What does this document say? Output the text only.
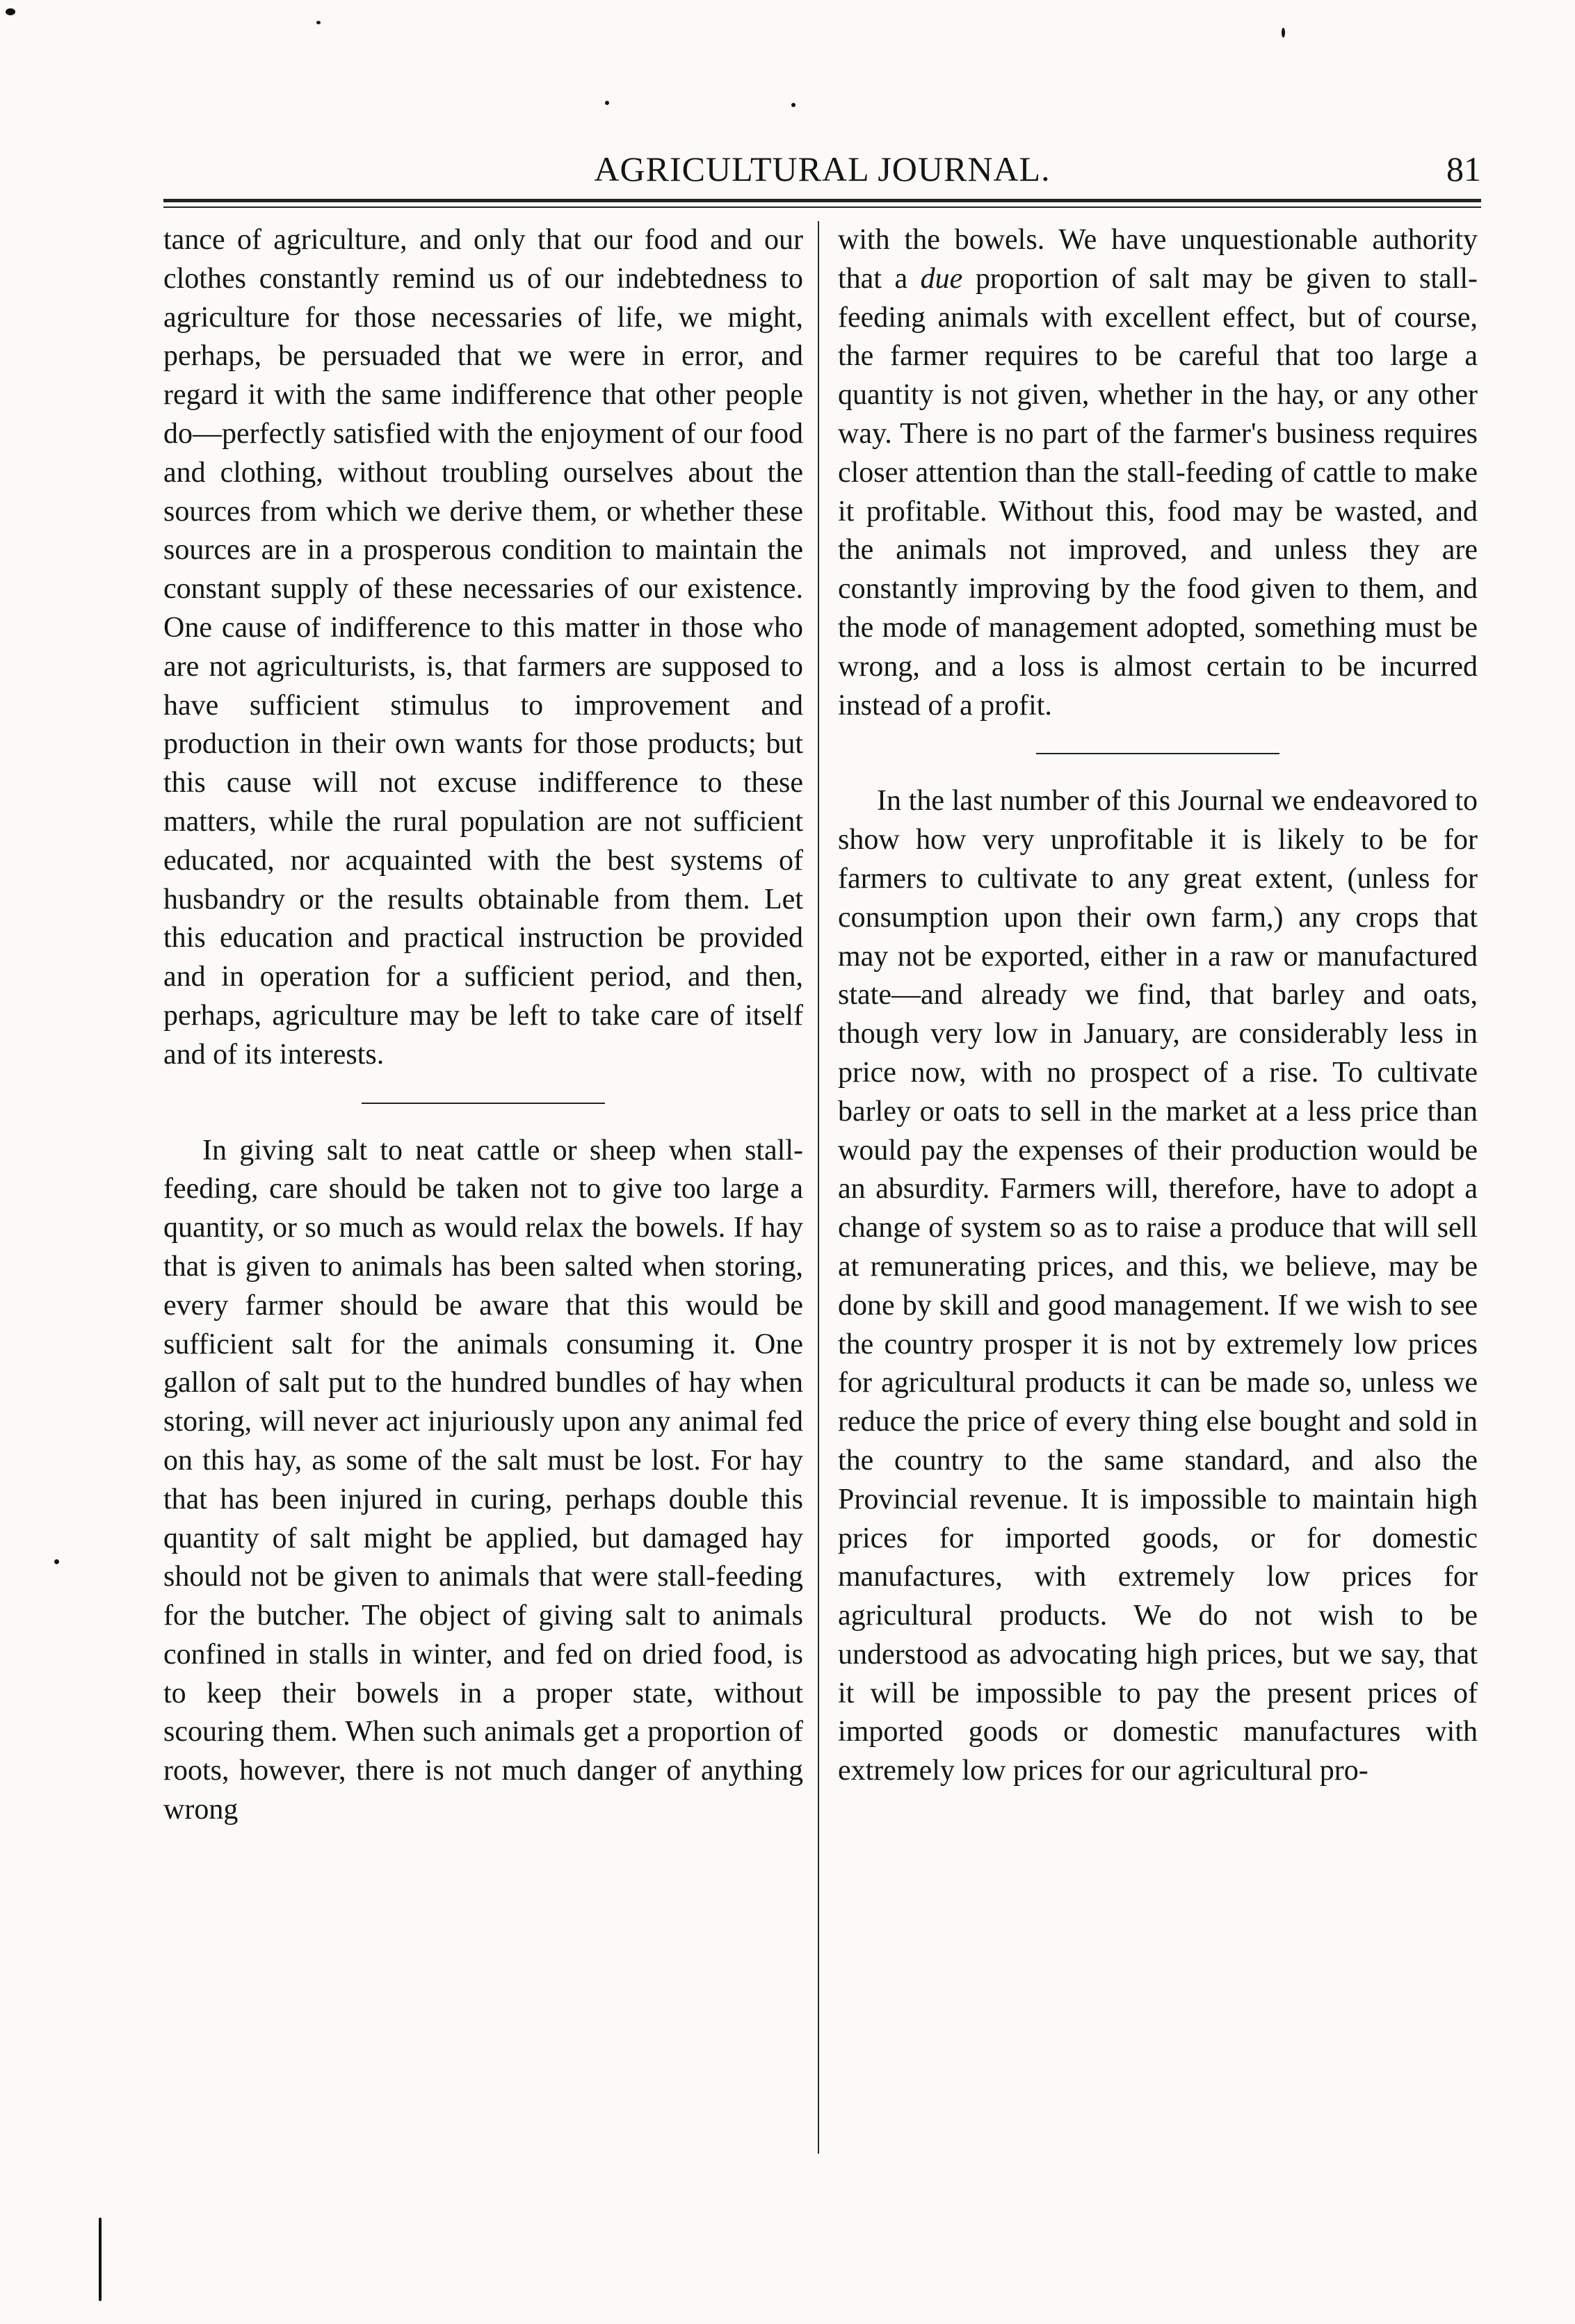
AGRICULTURAL JOURNAL.	81

tance of agriculture, and only that our food and our clothes constantly remind us of our indebtedness to agriculture for those necessaries of life, we might, perhaps, be persuaded that we were in error, and regard it with the same indifference that other people do—perfectly satisfied with the enjoyment of our food and clothing, without troubling ourselves about the sources from which we derive them, or whether these sources are in a prosperous condition to maintain the constant supply of these necessaries of our existence. One cause of indifference to this matter in those who are not agriculturists, is, that farmers are supposed to have sufficient stimulus to improvement and production in their own wants for those products; but this cause will not excuse indifference to these matters, while the rural population are not sufficient educated, nor acquainted with the best systems of husbandry or the results obtainable from them. Let this education and practical instruction be provided and in operation for a sufficient period, and then, perhaps, agriculture may be left to take care of itself and of its interests.

In giving salt to neat cattle or sheep when stall-feeding, care should be taken not to give too large a quantity, or so much as would relax the bowels. If hay that is given to animals has been salted when storing, every farmer should be aware that this would be sufficient salt for the animals consuming it. One gallon of salt put to the hundred bundles of hay when storing, will never act injuriously upon any animal fed on this hay, as some of the salt must be lost. For hay that has been injured in curing, perhaps double this quantity of salt might be applied, but damaged hay should not be given to animals that were stall-feeding for the butcher. The object of giving salt to animals confined in stalls in winter, and fed on dried food, is to keep their bowels in a proper state, without scouring them. When such animals get a proportion of roots, however, there is not much danger of anything wrong

with the bowels. We have unquestionable authority that a due proportion of salt may be given to stall-feeding animals with excellent effect, but of course, the farmer requires to be careful that too large a quantity is not given, whether in the hay, or any other way. There is no part of the farmer's business requires closer attention than the stall-feeding of cattle to make it profitable. Without this, food may be wasted, and the animals not improved, and unless they are constantly improving by the food given to them, and the mode of management adopted, something must be wrong, and a loss is almost certain to be incurred instead of a profit.

In the last number of this Journal we endeavored to show how very unprofitable it is likely to be for farmers to cultivate to any great extent, (unless for consumption upon their own farm,) any crops that may not be exported, either in a raw or manufactured state—and already we find, that barley and oats, though very low in January, are considerably less in price now, with no prospect of a rise. To cultivate barley or oats to sell in the market at a less price than would pay the expenses of their production would be an absurdity. Farmers will, therefore, have to adopt a change of system so as to raise a produce that will sell at remunerating prices, and this, we believe, may be done by skill and good management. If we wish to see the country prosper it is not by extremely low prices for agricultural products it can be made so, unless we reduce the price of every thing else bought and sold in the country to the same standard, and also the Provincial revenue. It is impossible to maintain high prices for imported goods, or for domestic manufactures, with extremely low prices for agricultural products. We do not wish to be understood as advocating high prices, but we say, that it will be impossible to pay the present prices of imported goods or domestic manufactures with extremely low prices for our agricultural pro-
